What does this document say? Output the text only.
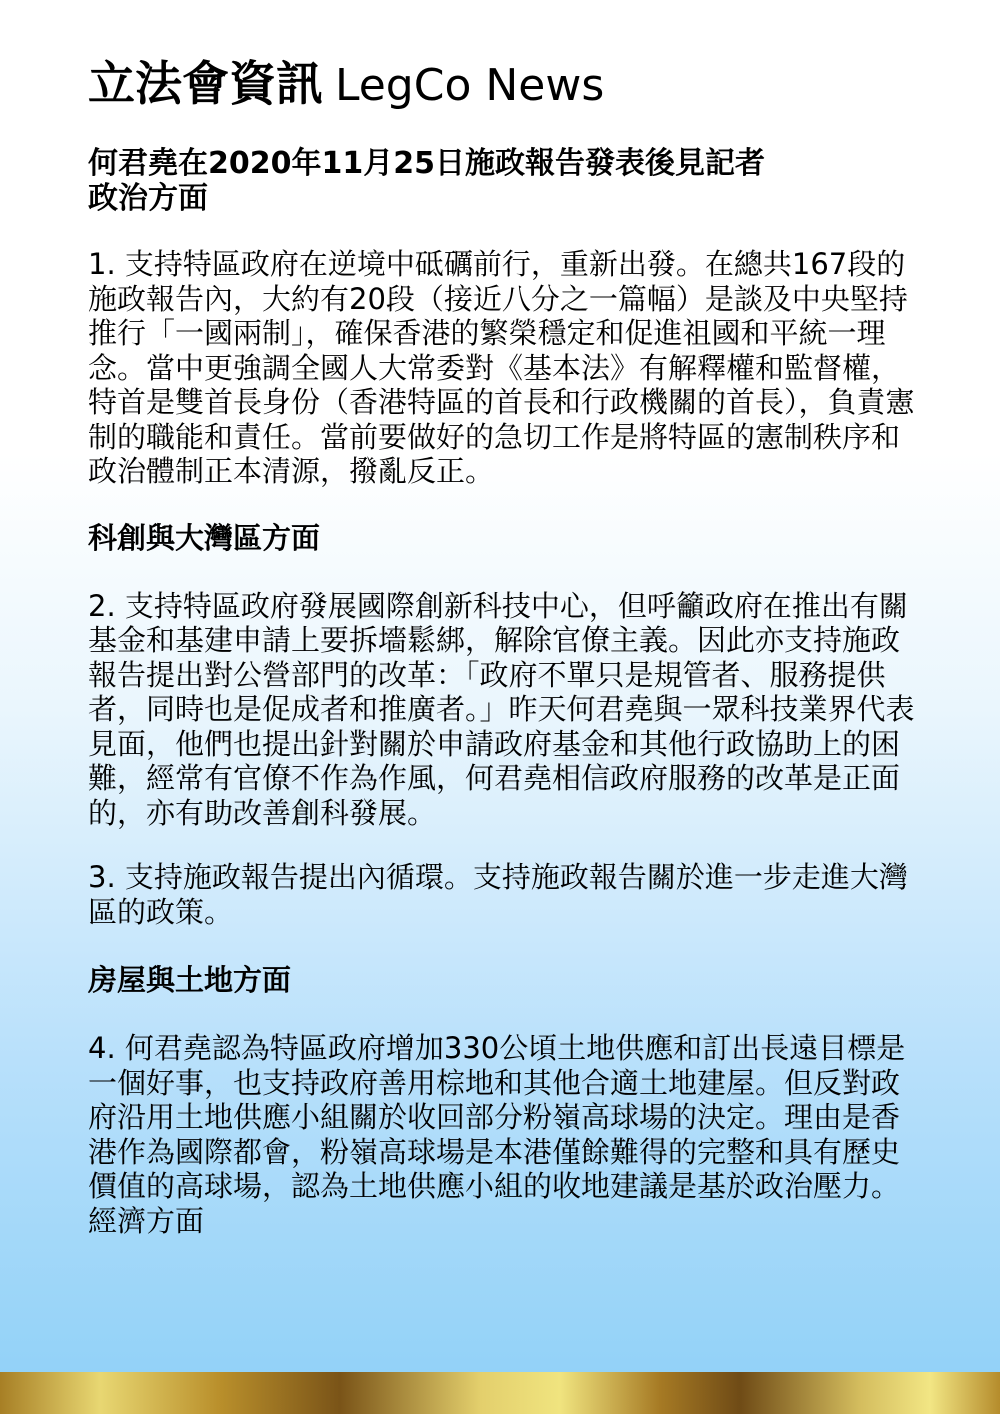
立法會資訊 LegCo News
何君堯在2020年11月25日施政報告發表後見記者
政治方面

1. 支持特區政府在逆境中砥礪前行，重新出發。在總共167段的施政報告內，大約有20段（接近八分之一篇幅）是談及中央堅持推行「一國兩制」，確保香港的繁榮穩定和促進祖國和平統一理念。當中更強調全國人大常委對《基本法》有解釋權和監督權，特首是雙首長身份（香港特區的首長和行政機關的首長），負責憲制的職能和責任。當前要做好的急切工作是將特區的憲制秩序和政治體制正本清源，撥亂反正。

科創與大灣區方面

2. 支持特區政府發展國際創新科技中心，但呼籲政府在推出有關基金和基建申請上要拆墻鬆綁，解除官僚主義。因此亦支持施政報告提出對公營部門的改革：「政府不單只是規管者、服務提供者，同時也是促成者和推廣者。」昨天何君堯與一眾科技業界代表見面，他們也提出針對關於申請政府基金和其他行政協助上的困難，經常有官僚不作為作風，何君堯相信政府服務的改革是正面的，亦有助改善創科發展。

3. 支持施政報告提出內循環。支持施政報告關於進一步走進大灣區的政策。

房屋與土地方面

4. 何君堯認為特區政府增加330公頃土地供應和訂出長遠目標是一個好事，也支持政府善用棕地和其他合適土地建屋。但反對政府沿用土地供應小組關於收回部分粉嶺高球場的決定。理由是香港作為國際都會，粉嶺高球場是本港僅餘難得的完整和具有歷史價值的高球場，認為土地供應小組的收地建議是基於政治壓力。

經濟方面
